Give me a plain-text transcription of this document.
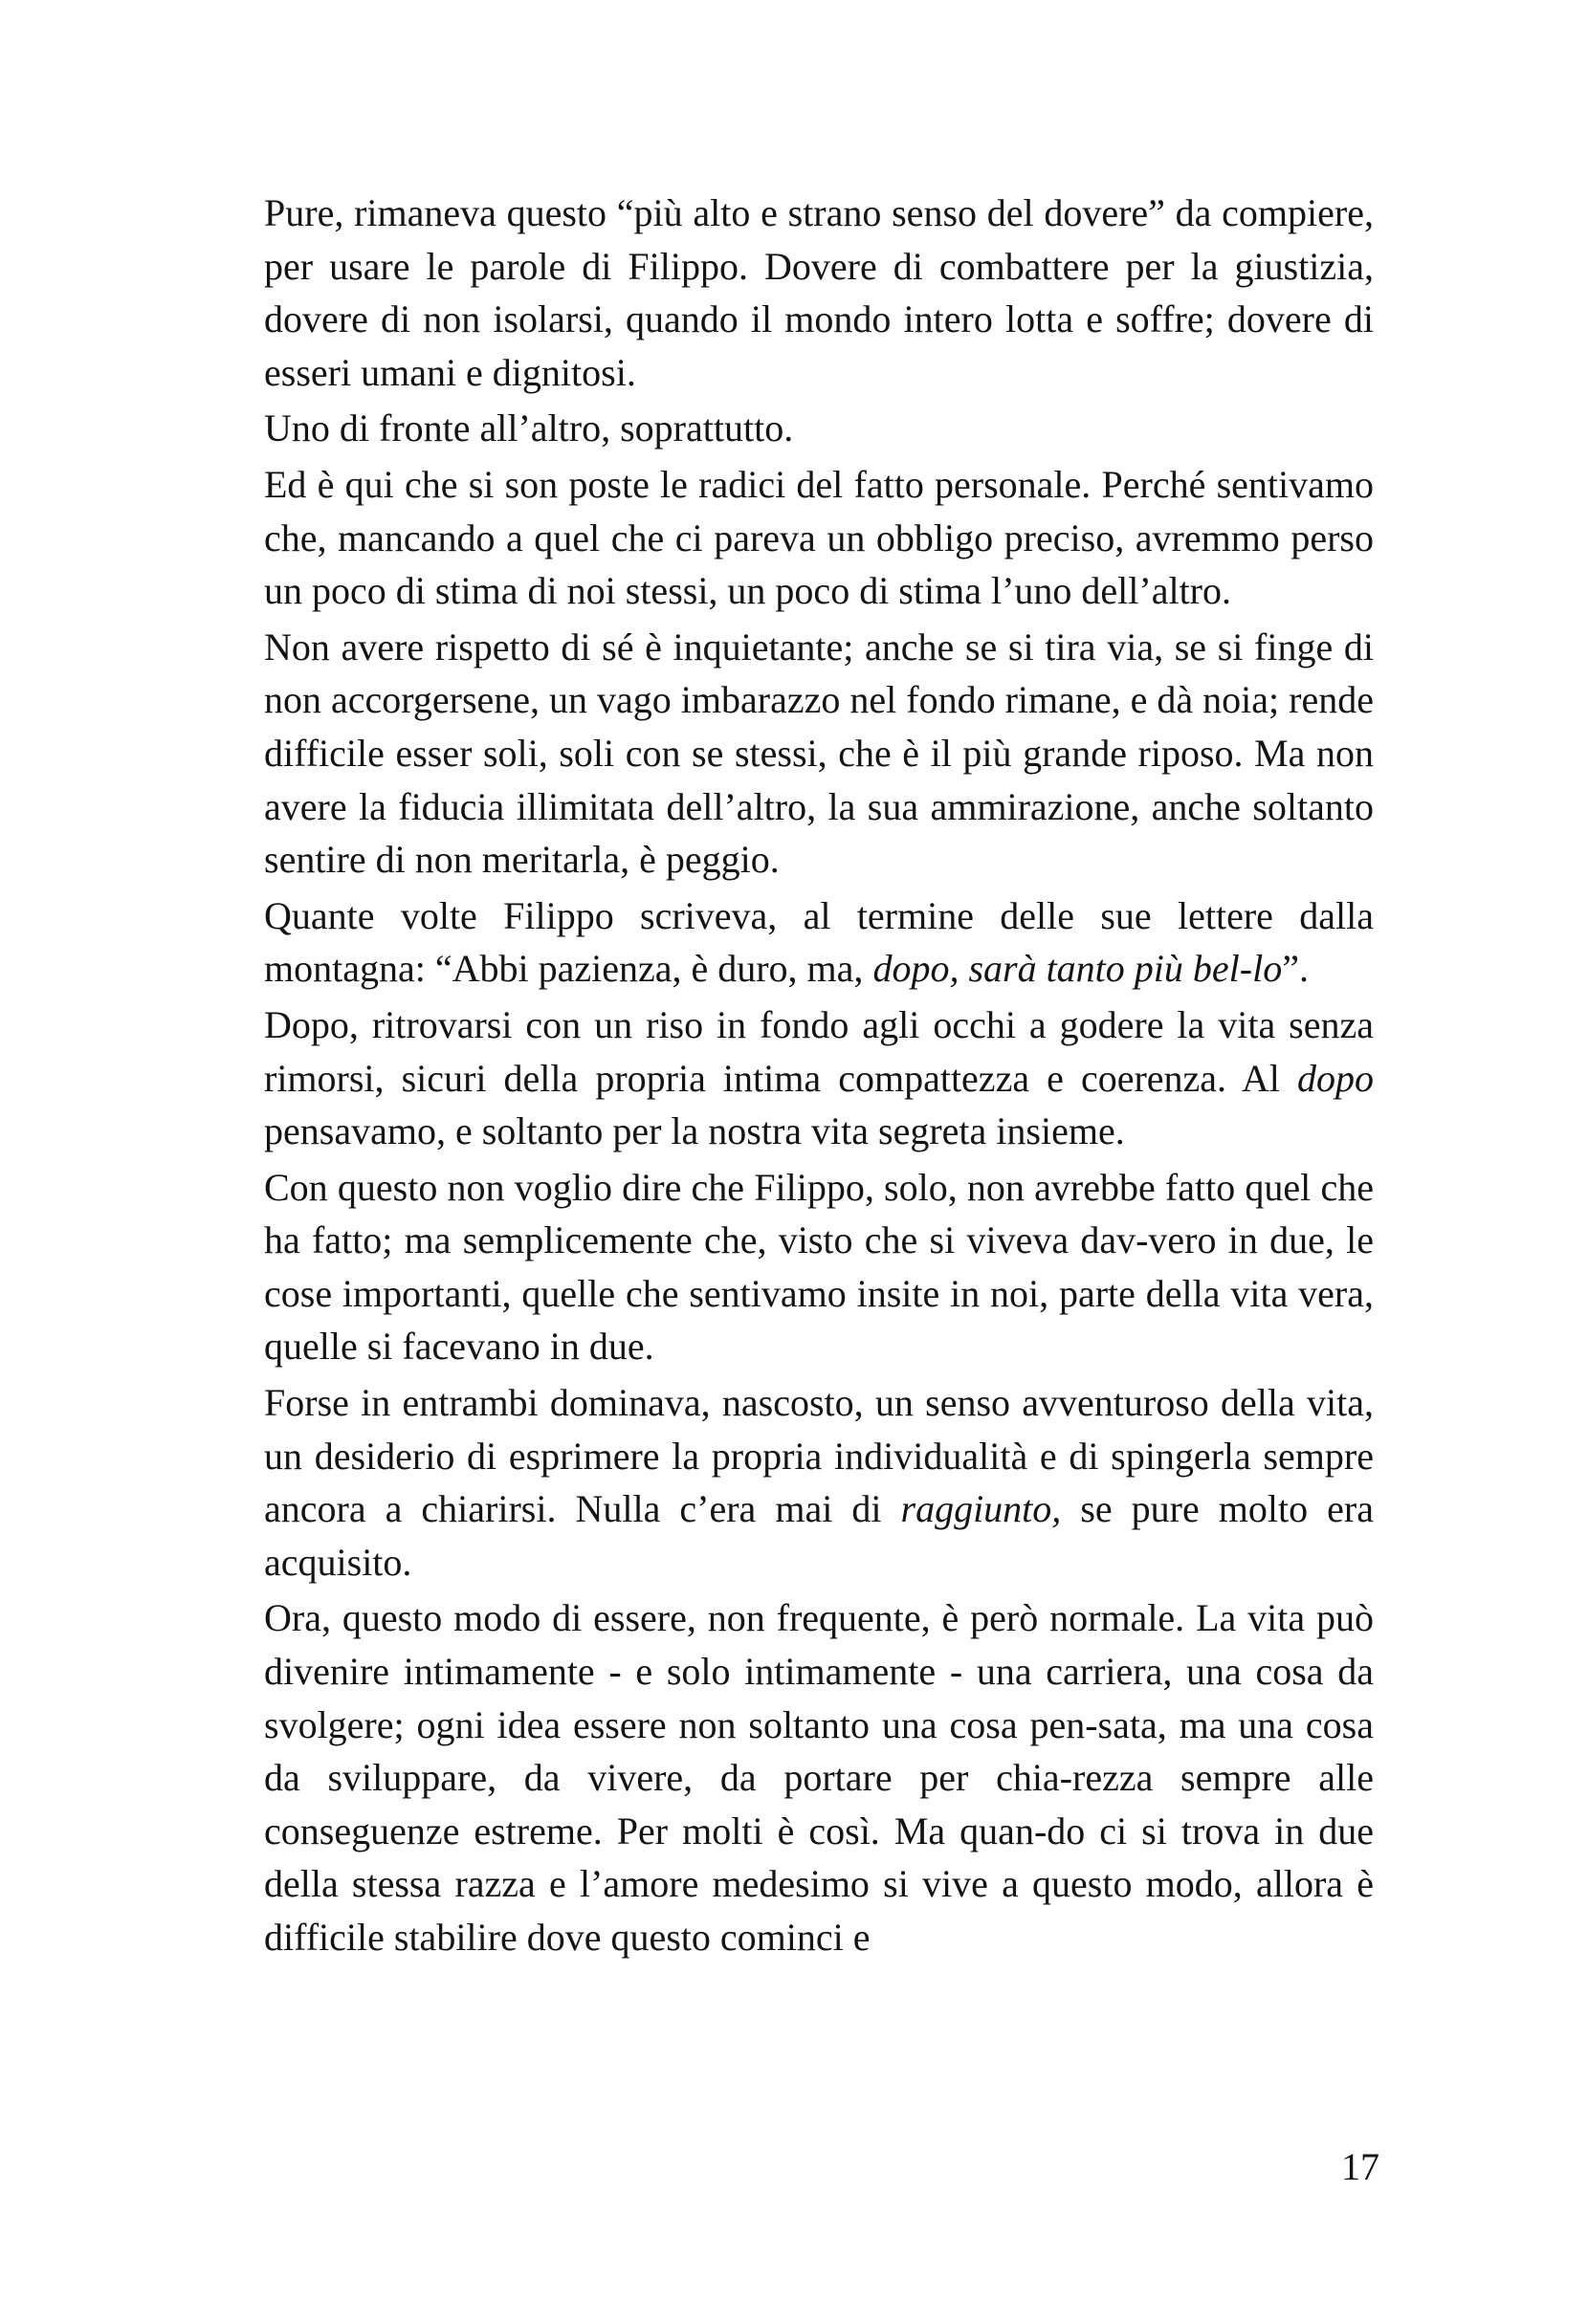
Pure, rimaneva questo “più alto e strano senso del dovere” da compiere, per usare le parole di Filippo. Dovere di combattere per la giustizia, dovere di non isolarsi, quando il mondo intero lotta e soffre; dovere di esseri umani e dignitosi.

Uno di fronte all’altro, soprattutto.

Ed è qui che si son poste le radici del fatto personale. Perché sentivamo che, mancando a quel che ci pareva un obbligo preciso, avremmo perso un poco di stima di noi stessi, un poco di stima l’uno dell’altro.

Non avere rispetto di sé è inquietante; anche se si tira via, se si finge di non accorgersene, un vago imbarazzo nel fondo rimane, e dà noia; rende difficile esser soli, soli con se stessi, che è il più grande riposo. Ma non avere la fiducia illimitata dell’altro, la sua ammirazione, anche soltanto sentire di non meritarla, è peggio.

Quante volte Filippo scriveva, al termine delle sue lettere dalla montagna: “Abbi pazienza, è duro, ma, dopo, sarà tanto più bel-lo”.

Dopo, ritrovarsi con un riso in fondo agli occhi a godere la vita senza rimorsi, sicuri della propria intima compattezza e coerenza. Al dopo pensavamo, e soltanto per la nostra vita segreta insieme.

Con questo non voglio dire che Filippo, solo, non avrebbe fatto quel che ha fatto; ma semplicemente che, visto che si viveva dav-vero in due, le cose importanti, quelle che sentivamo insite in noi, parte della vita vera, quelle si facevano in due.

Forse in entrambi dominava, nascosto, un senso avventuroso della vita, un desiderio di esprimere la propria individualità e di spingerla sempre ancora a chiarirsi. Nulla c’era mai di raggiunto, se pure molto era acquisito.

Ora, questo modo di essere, non frequente, è però normale. La vita può divenire intimamente - e solo intimamente - una carriera, una cosa da svolgere; ogni idea essere non soltanto una cosa pen-sata, ma una cosa da sviluppare, da vivere, da portare per chia-rezza sempre alle conseguenze estreme. Per molti è così. Ma quan-do ci si trova in due della stessa razza e l’amore medesimo si vive a questo modo, allora è difficile stabilire dove questo cominci e

17
